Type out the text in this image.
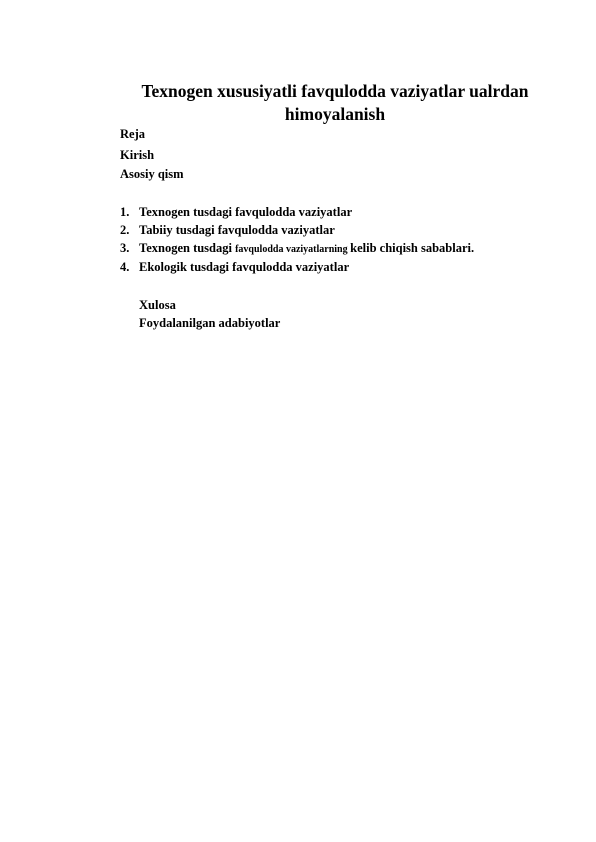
Texnogen xususiyatli favqulodda vaziyatlar ualrdan
himoyalanish
Reja
Kirish
Asosiy qism
1. Texnogen tusdagi favqulodda vaziyatlar
2. Tabiiy tusdagi favqulodda vaziyatlar
3. Texnogen tusdagi favqulodda vaziyatlarning kelib chiqish sabablari.
4. Ekologik tusdagi favqulodda vaziyatlar
Xulosa
Foydalanilgan adabiyotlar
